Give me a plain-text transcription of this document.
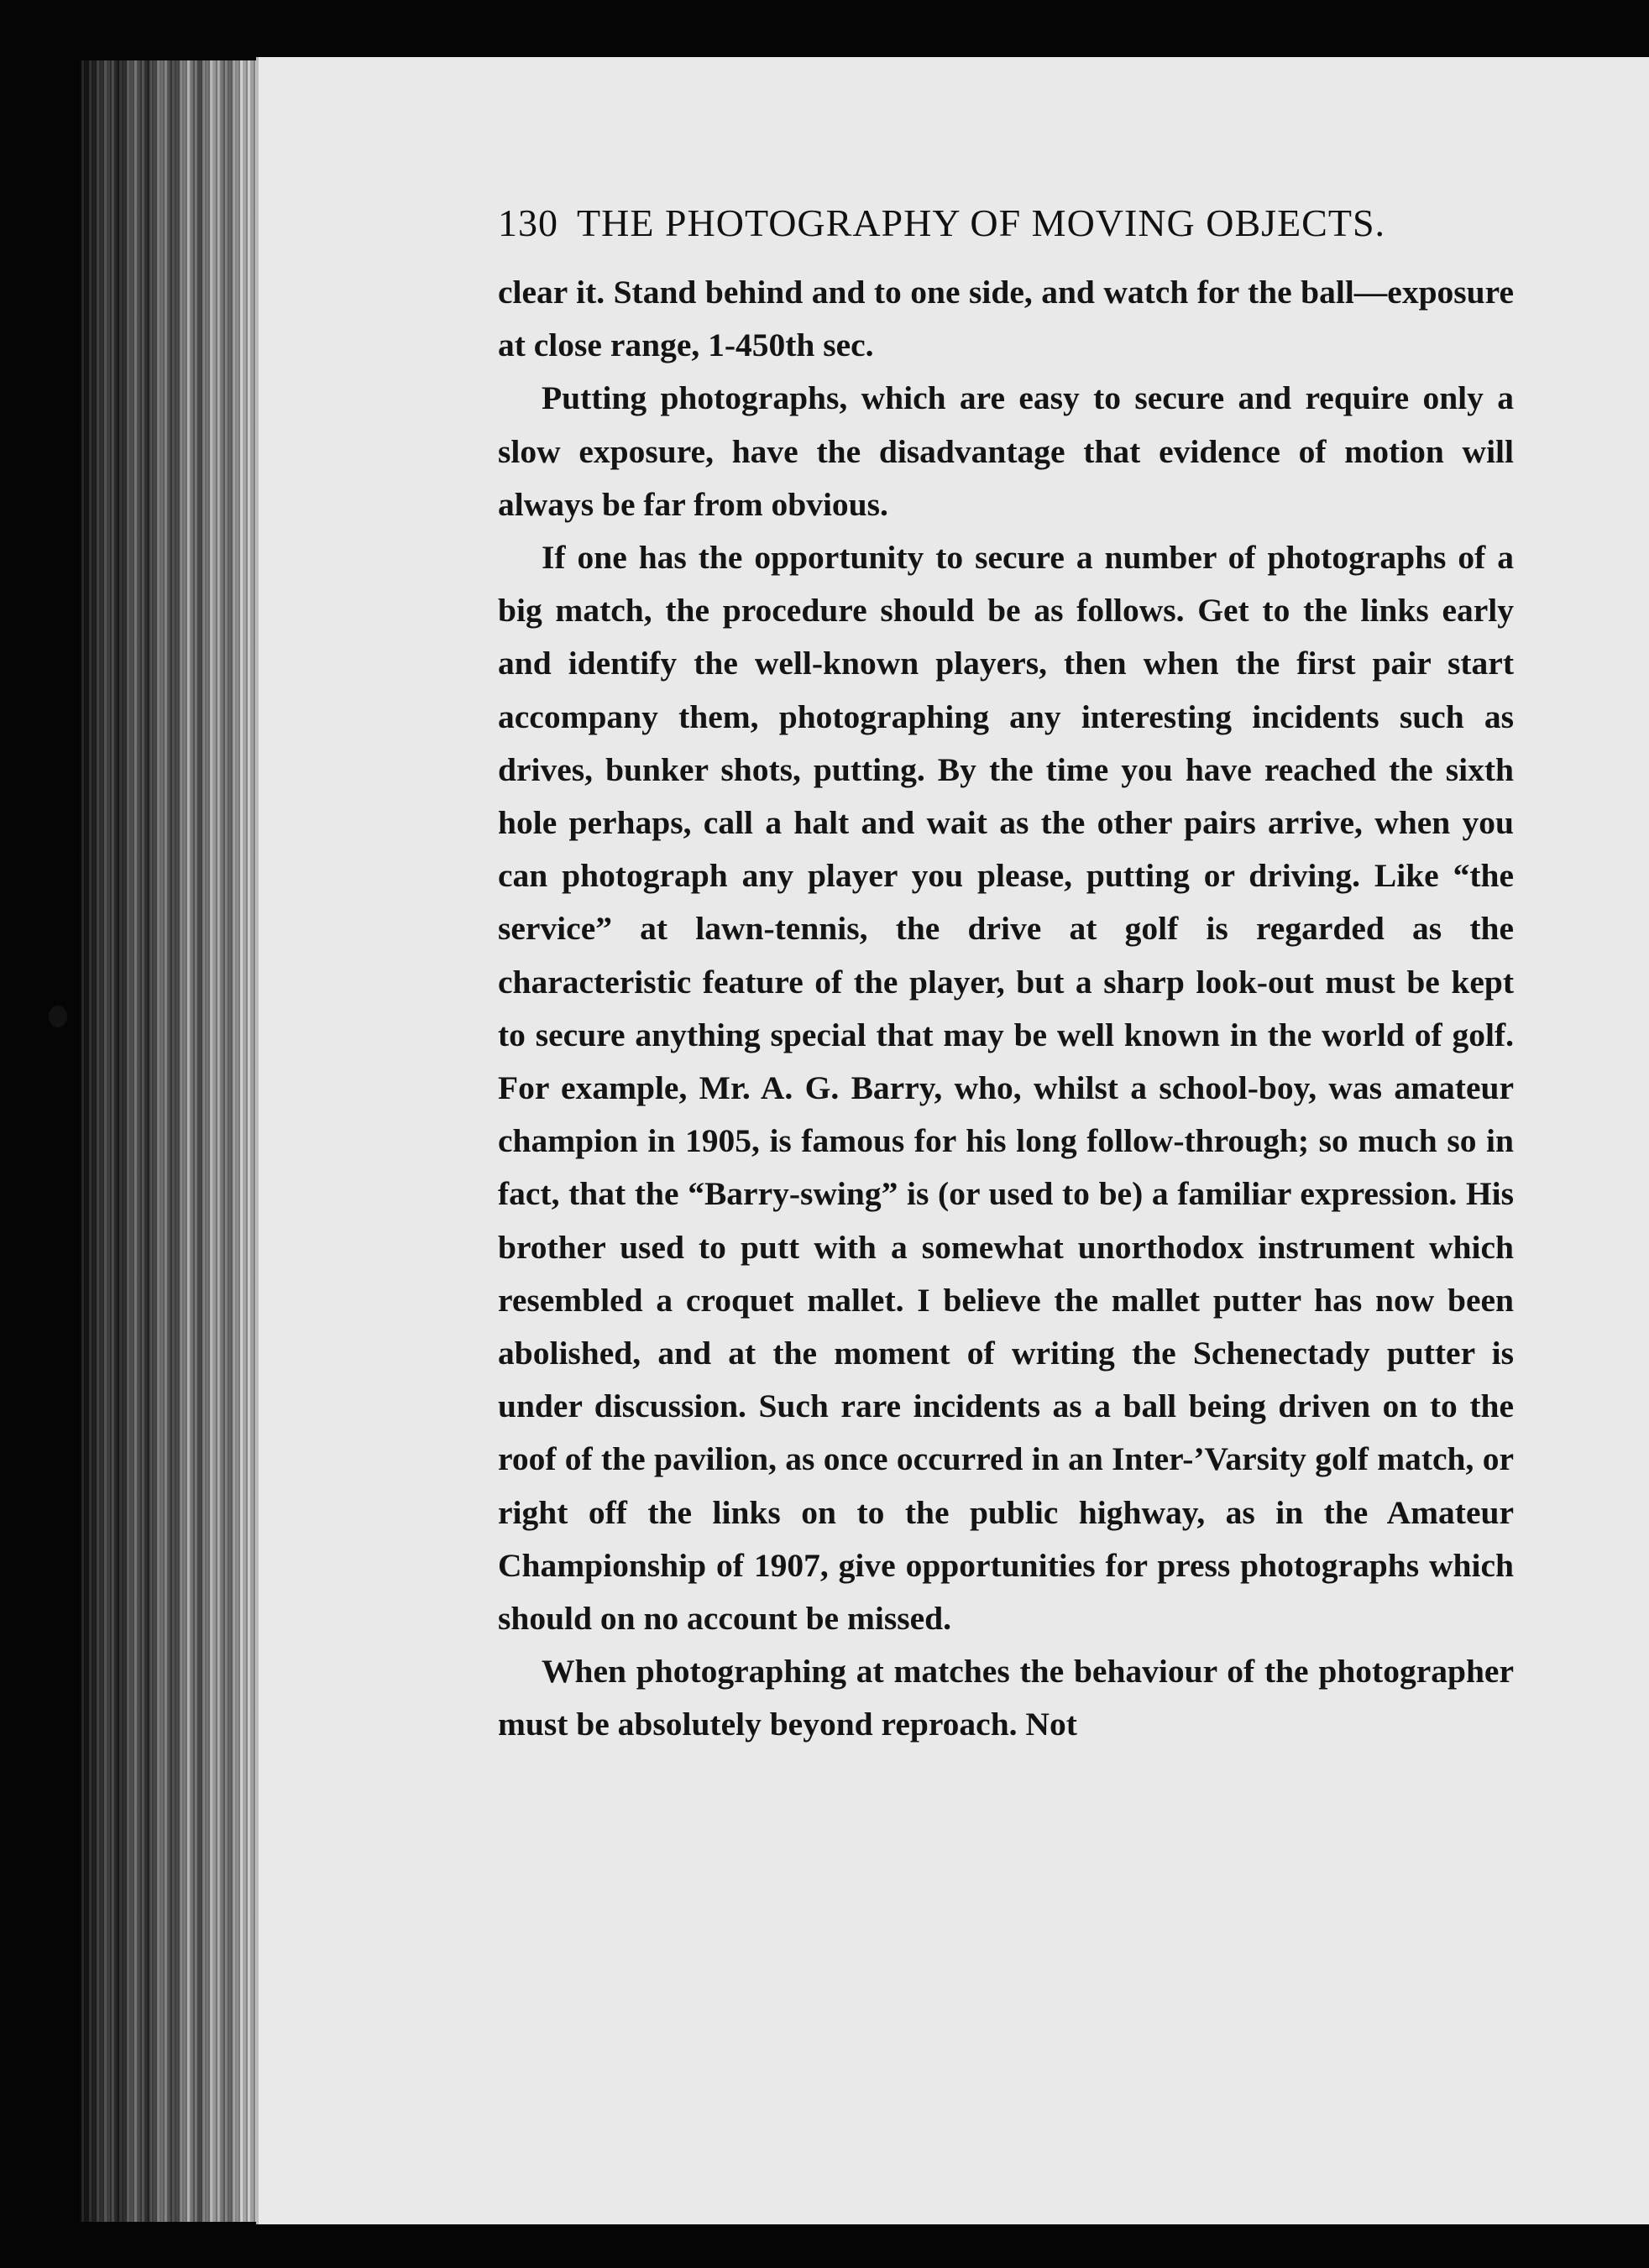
130 THE PHOTOGRAPHY OF MOVING OBJECTS.

clear it. Stand behind and to one side, and watch for the ball—exposure at close range, 1-450th sec.

Putting photographs, which are easy to secure and require only a slow exposure, have the disadvantage that evidence of motion will always be far from obvious.

If one has the opportunity to secure a number of photographs of a big match, the procedure should be as follows. Get to the links early and identify the well-known players, then when the first pair start accompany them, photographing any interesting incidents such as drives, bunker shots, putting. By the time you have reached the sixth hole perhaps, call a halt and wait as the other pairs arrive, when you can photograph any player you please, putting or driving. Like “the service” at lawn-tennis, the drive at golf is regarded as the characteristic feature of the player, but a sharp look-out must be kept to secure anything special that may be well known in the world of golf. For example, Mr. A. G. Barry, who, whilst a school-boy, was amateur champion in 1905, is famous for his long follow-through; so much so in fact, that the “Barry-swing” is (or used to be) a familiar expression. His brother used to putt with a somewhat unorthodox instrument which resembled a croquet mallet. I believe the mallet putter has now been abolished, and at the moment of writing the Schenectady putter is under discussion. Such rare incidents as a ball being driven on to the roof of the pavilion, as once occurred in an Inter-’Varsity golf match, or right off the links on to the public highway, as in the Amateur Championship of 1907, give opportunities for press photographs which should on no account be missed.

When photographing at matches the behaviour of the photographer must be absolutely beyond reproach. Not
